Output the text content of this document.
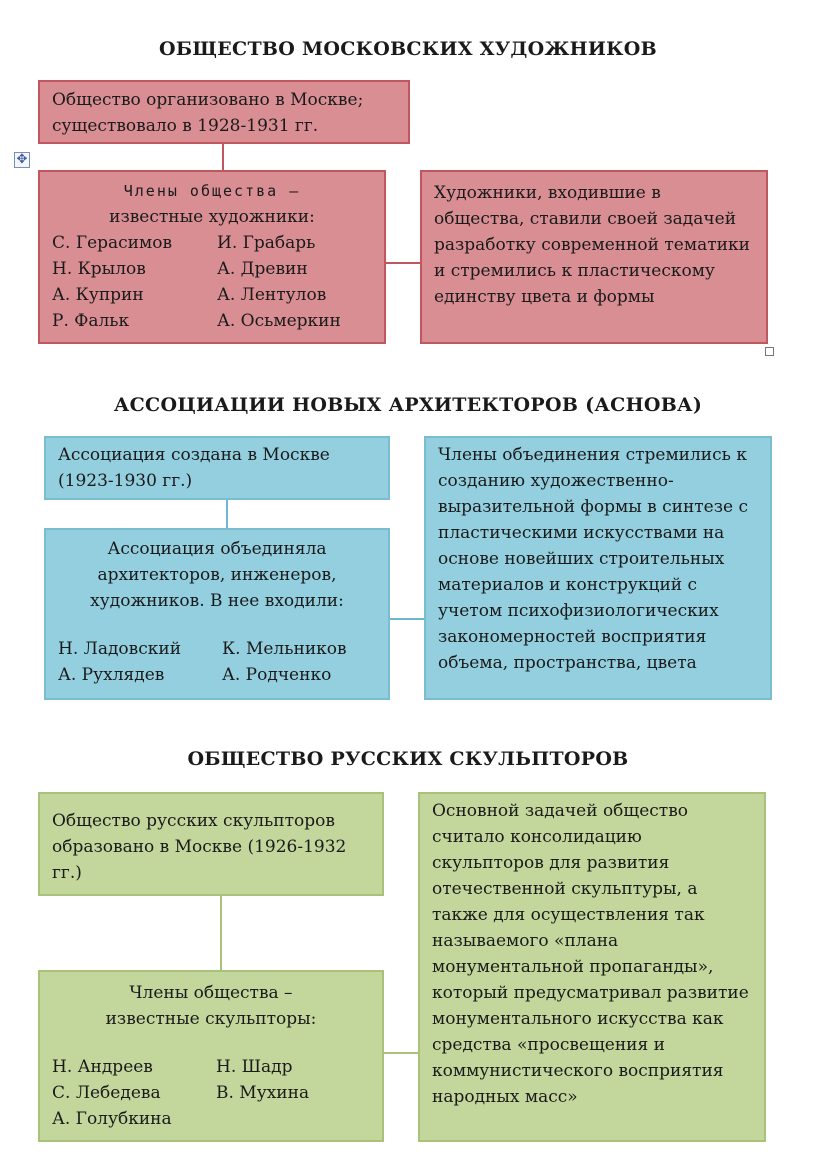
ОБЩЕСТВО МОСКОВСКИХ ХУДОЖНИКОВ
Общество организовано в Москве; существовало в 1928-1931 гг.
✥
Члены общества –
известные художники:
С. Герасимов	И. Грабарь
Н. Крылов	А. Древин
А. Куприн	А. Лентулов
Р. Фальк	А. Осьмеркин
Художники, входившие в общества, ставили своей задачей разработку современной тематики и стремились к пластическому единству цвета и формы
АССОЦИАЦИИ НОВЫХ АРХИТЕКТОРОВ (АСНОВА)
Ассоциация создана в Москве (1923-1930 гг.)
Ассоциация объединяла архитекторов, инженеров, художников. В нее входили:
Н. Ладовский	К. Мельников
А. Рухлядев	А. Родченко
Члены объединения стремились к созданию художественно-выразительной формы в синтезе с пластическими искусствами на основе новейших строительных материалов и конструкций с учетом психофизиологических закономерностей восприятия объема, пространства, цвета
ОБЩЕСТВО РУССКИХ СКУЛЬПТОРОВ
Общество русских скульпторов образовано в Москве (1926-1932 гг.)
Члены общества –
известные скульпторы:
Н. Андреев	Н. Шадр
С. Лебедева	В. Мухина
А. Голубкина
Основной задачей общество считало консолидацию скульпторов для развития отечественной скульптуры, а также для осуществления так называемого «плана монументальной пропаганды», который предусматривал развитие монументального искусства как средства «просвещения и коммунистического восприятия народных масс»
